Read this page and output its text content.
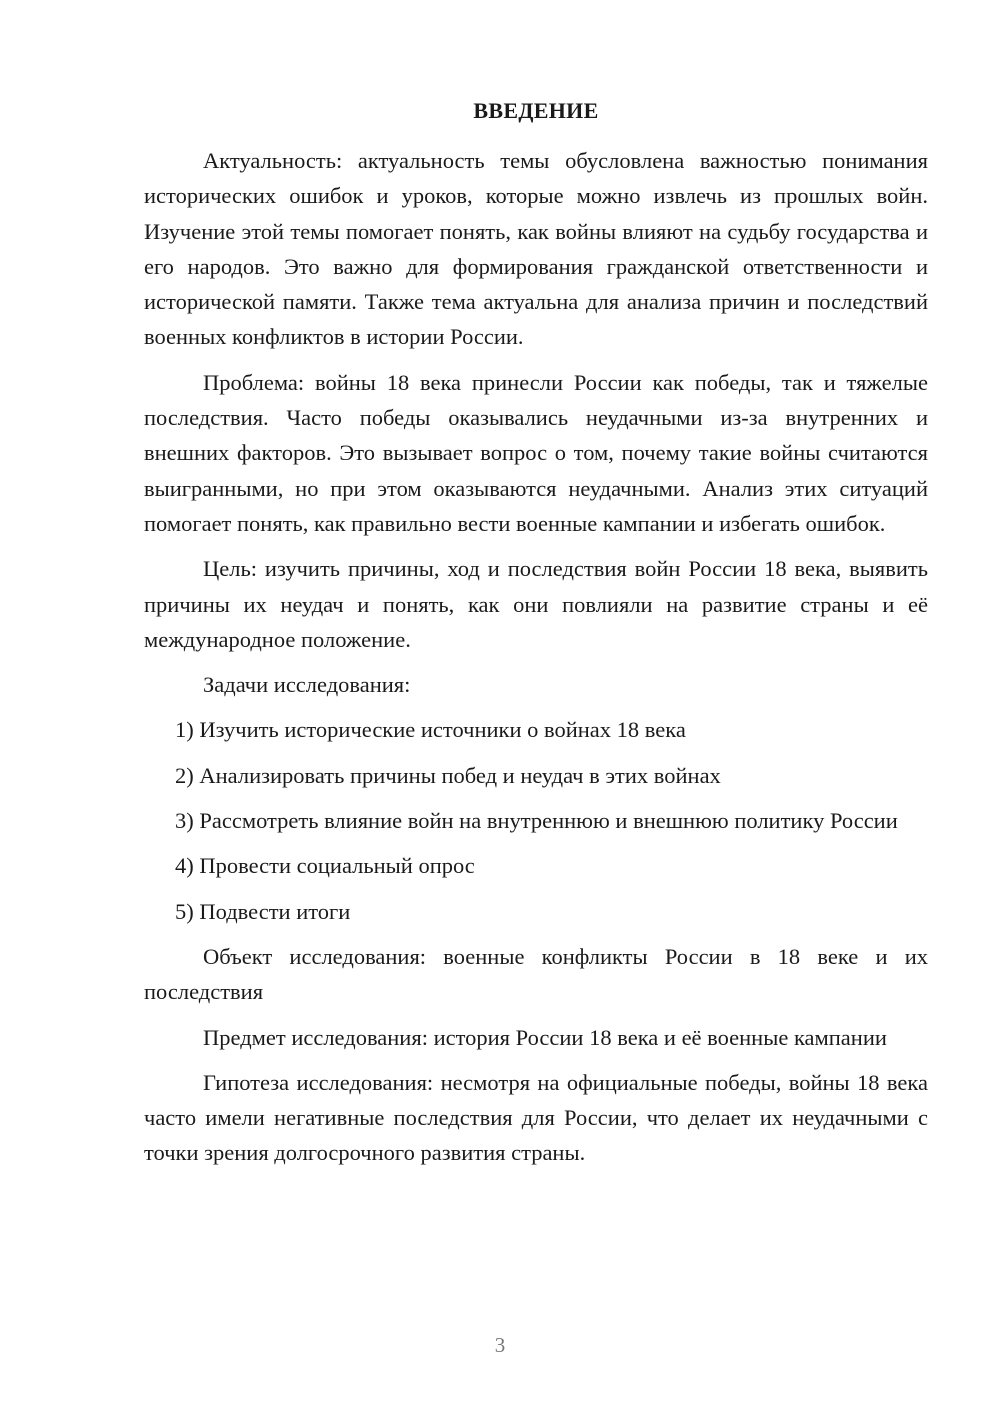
ВВЕДЕНИЕ

Актуальность: актуальность темы обусловлена важностью понимания исторических ошибок и уроков, которые можно извлечь из прошлых войн. Изучение этой темы помогает понять, как войны влияют на судьбу государства и его народов. Это важно для формирования гражданской ответственности и исторической памяти. Также тема актуальна для анализа причин и последствий военных конфликтов в истории России.

Проблема: войны 18 века принесли России как победы, так и тяжелые последствия. Часто победы оказывались неудачными из-за внутренних и внешних факторов. Это вызывает вопрос о том, почему такие войны считаются выигранными, но при этом оказываются неудачными. Анализ этих ситуаций помогает понять, как правильно вести военные кампании и избегать ошибок.

Цель: изучить причины, ход и последствия войн России 18 века, выявить причины их неудач и понять, как они повлияли на развитие страны и её международное положение.

Задачи исследования:

1) Изучить исторические источники о войнах 18 века

2) Анализировать причины побед и неудач в этих войнах

3) Рассмотреть влияние войн на внутреннюю и внешнюю политику России

4) Провести социальный опрос

5) Подвести итоги

Объект исследования: военные конфликты России в 18 веке и их последствия

Предмет исследования: история России 18 века и её военные кампании

Гипотеза исследования: несмотря на официальные победы, войны 18 века часто имели негативные последствия для России, что делает их неудачными с точки зрения долгосрочного развития страны.

3
